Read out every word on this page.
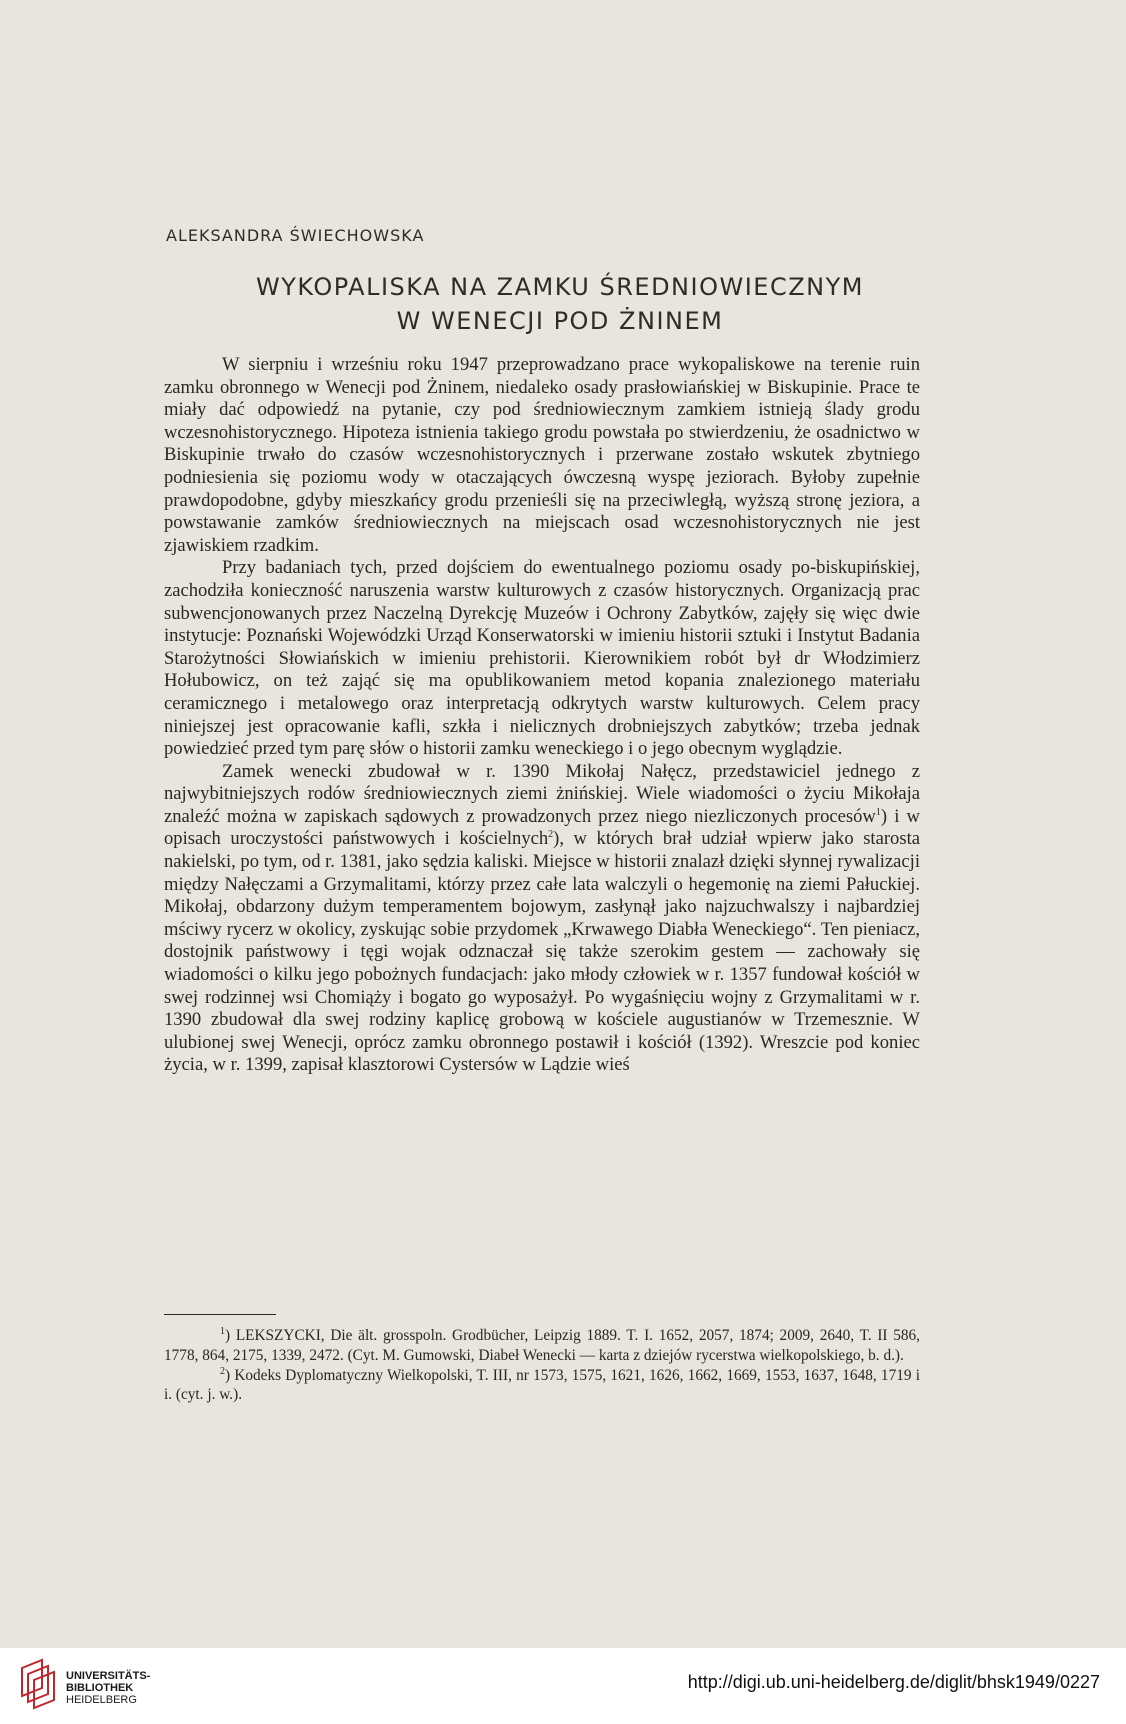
ALEKSANDRA ŚWIECHOWSKA
WYKOPALISKA NA ZAMKU ŚREDNIOWIECZNYM
W WENECJI POD ŻNINEM

W sierpniu i wrześniu roku 1947 przeprowadzano prace wykopaliskowe na terenie ruin zamku obronnego w Wenecji pod Żninem, niedaleko osady prasłowiańskiej w Biskupinie. Prace te miały dać odpowiedź na pytanie, czy pod średniowiecznym zamkiem istnieją ślady grodu wczesnohistorycznego. Hipoteza istnienia takiego grodu powstała po stwierdzeniu, że osadnictwo w Biskupinie trwało do czasów wczesnohistorycznych i przerwane zostało wskutek zbytniego podniesienia się poziomu wody w otaczających ówczesną wyspę jeziorach. Byłoby zupełnie prawdopodobne, gdyby mieszkańcy grodu przenieśli się na przeciwległą, wyższą stronę jeziora, a powstawanie zamków średniowiecznych na miejscach osad wczesnohistorycznych nie jest zjawiskiem rzadkim.

Przy badaniach tych, przed dojściem do ewentualnego poziomu osady po-biskupińskiej, zachodziła konieczność naruszenia warstw kulturowych z czasów historycznych. Organizacją prac subwencjonowanych przez Naczelną Dyrekcję Muzeów i Ochrony Zabytków, zajęły się więc dwie instytucje: Poznański Wojewódzki Urząd Konserwatorski w imieniu historii sztuki i Instytut Badania Starożytności Słowiańskich w imieniu prehistorii. Kierownikiem robót był dr Włodzimierz Hołubowicz, on też zająć się ma opublikowaniem metod kopania znalezionego materiału ceramicznego i metalowego oraz interpretacją odkrytych warstw kulturowych. Celem pracy niniejszej jest opracowanie kafli, szkła i nielicznych drobniejszych zabytków; trzeba jednak powiedzieć przed tym parę słów o historii zamku weneckiego i o jego obecnym wyglądzie.

Zamek wenecki zbudował w r. 1390 Mikołaj Nałęcz, przedstawiciel jednego z najwybitniejszych rodów średniowiecznych ziemi żnińskiej. Wiele wiadomości o życiu Mikołaja znaleźć można w zapiskach sądowych z prowadzonych przez niego niezliczonych procesów$^1$) i w opisach uroczystości państwowych i kościelnych$^2$), w których brał udział wpierw jako starosta nakielski, po tym, od r. 1381, jako sędzia kaliski. Miejsce w historii znalazł dzięki słynnej rywalizacji między Nałęczami a Grzymalitami, którzy przez całe lata walczyli o hegemonię na ziemi Pałuckiej. Mikołaj, obdarzony dużym temperamentem bojowym, zasłynął jako najzuchwalszy i najbardziej mściwy rycerz w okolicy, zyskując sobie przydomek „Krwawego Diabła Weneckiego“. Ten pieniacz, dostojnik państwowy i tęgi wojak odznaczał się także szerokim gestem — zachowały się wiadomości o kilku jego pobożnych fundacjach: jako młody człowiek w r. 1357 fundował kościół w swej rodzinnej wsi Chomiąży i bogato go wyposażył. Po wygaśnięciu wojny z Grzymalitami w r. 1390 zbudował dla swej rodziny kaplicę grobową w kościele augustianów w Trzemesznie. W ulubionej swej Wenecji, oprócz zamku obronnego postawił i kościół (1392). Wreszcie pod koniec życia, w r. 1399, zapisał klasztorowi Cystersów w Lądzie wieś

$^1$) LEKSZYCKI, Die ält. grosspoln. Grodbücher, Leipzig 1889. T. I. 1652, 2057, 1874; 2009, 2640, T. II 586, 1778, 864, 2175, 1339, 2472. (Cyt. M. Gumowski, Diabeł Wenecki — karta z dziejów rycerstwa wielkopolskiego, b. d.).

$^2$) Kodeks Dyplomatyczny Wielkopolski, T. III, nr 1573, 1575, 1621, 1626, 1662, 1669, 1553, 1637, 1648, 1719 i i. (cyt. j. w.).

UNIVERSITÄTS-
BIBLIOTHEK
HEIDELBERG
http://digi.ub.uni-heidelberg.de/diglit/bhsk1949/0227
